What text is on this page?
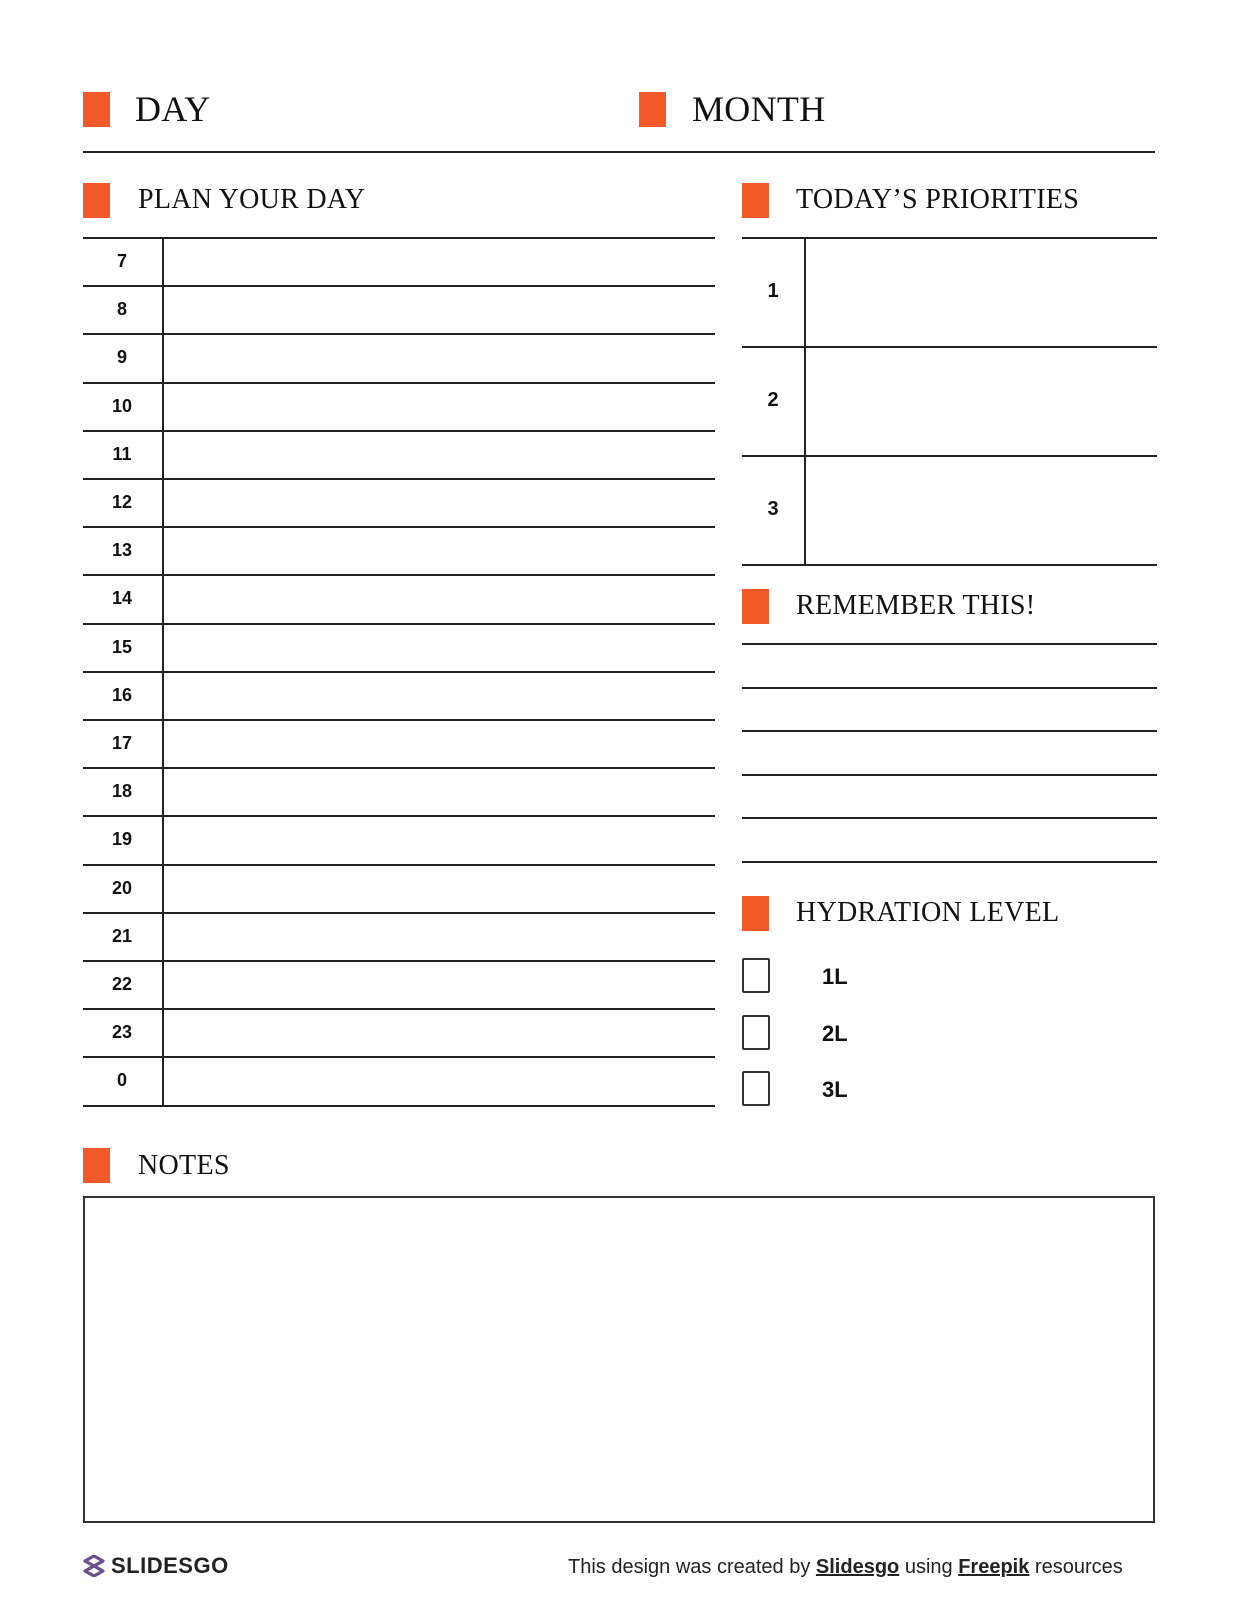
DAY	MONTH
PLAN YOUR DAY
7
8
9
10
11
12
13
14
15
16
17
18
19
20
21
22
23
0
TODAY’S PRIORITIES
1
2
3
REMEMBER THIS!
HYDRATION LEVEL
1L
2L
3L
NOTES
SLIDESGO	This design was created by Slidesgo using Freepik resources
